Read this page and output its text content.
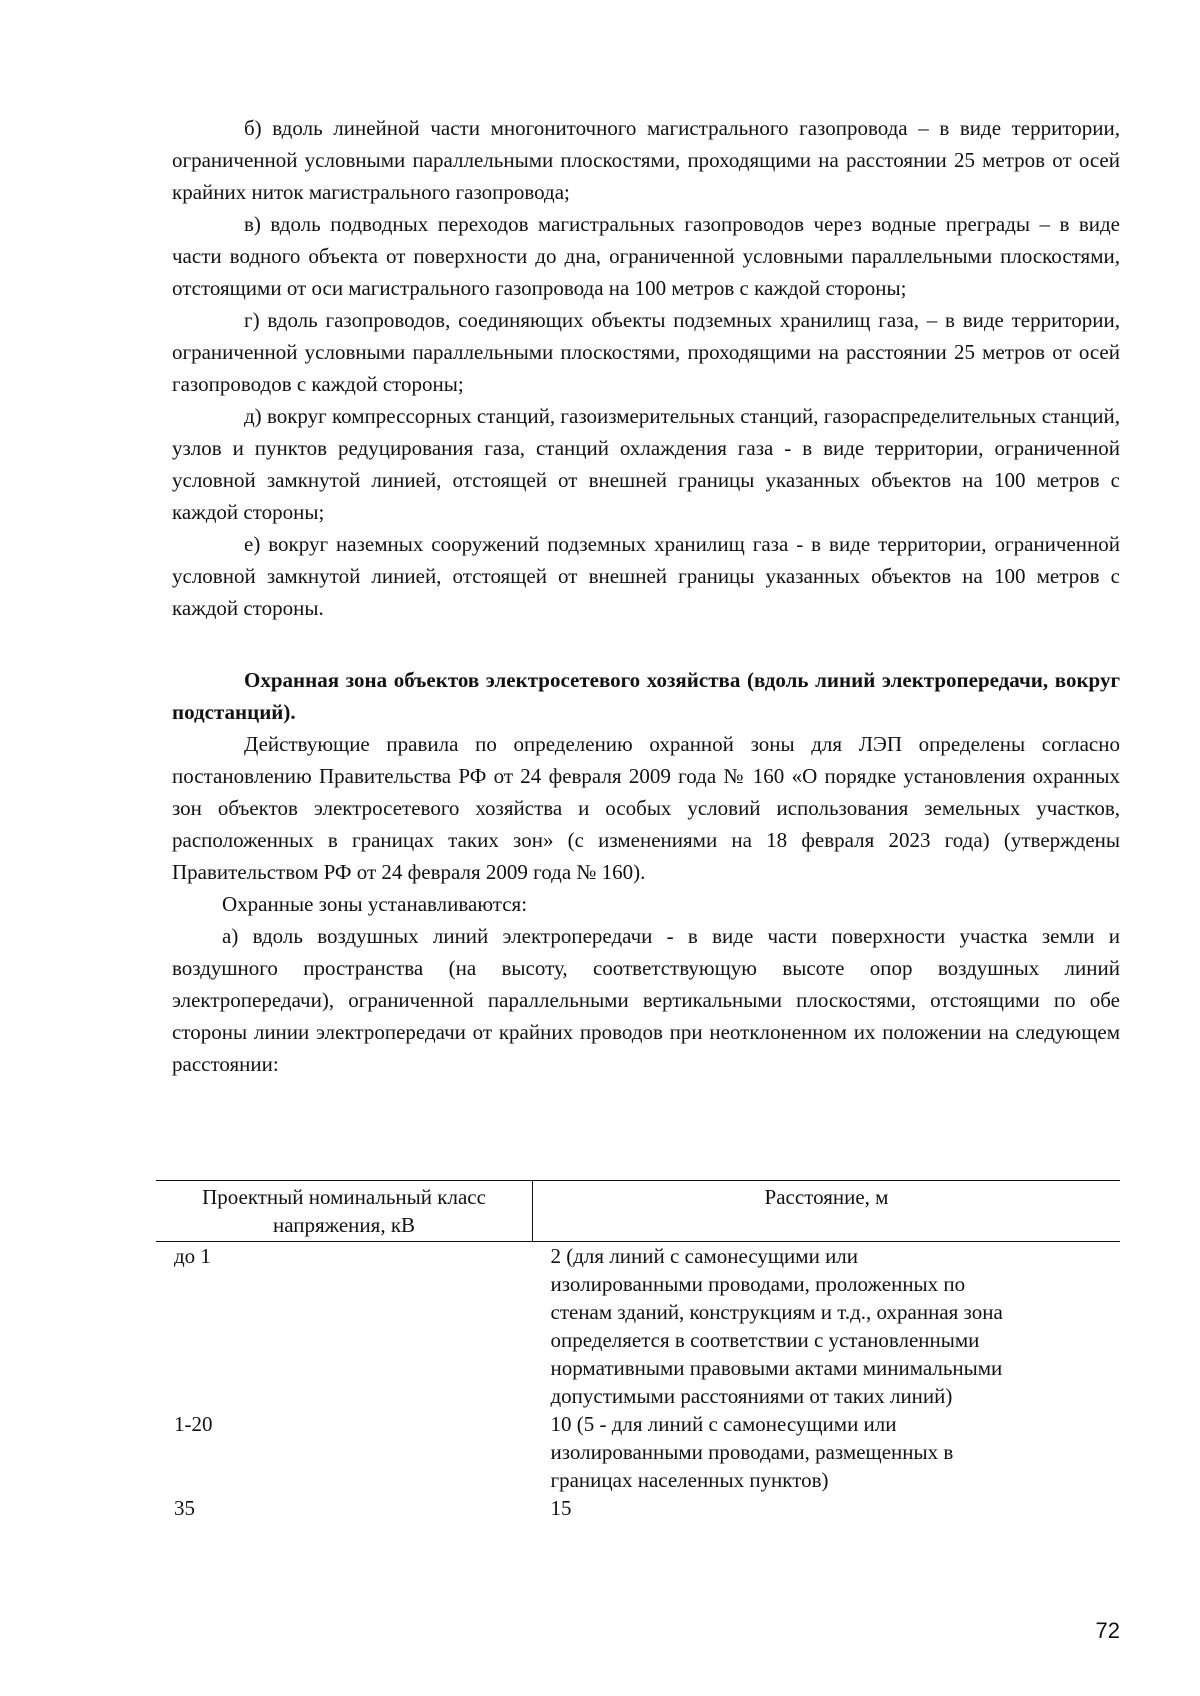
б) вдоль линейной части многониточного магистрального газопровода – в виде территории, ограниченной условными параллельными плоскостями, проходящими на расстоянии 25 метров от осей крайних ниток магистрального газопровода;

в) вдоль подводных переходов магистральных газопроводов через водные преграды – в виде части водного объекта от поверхности до дна, ограниченной условными параллельными плоскостями, отстоящими от оси магистрального газопровода на 100 метров с каждой стороны;

г) вдоль газопроводов, соединяющих объекты подземных хранилищ газа, – в виде территории, ограниченной условными параллельными плоскостями, проходящими на расстоянии 25 метров от осей газопроводов с каждой стороны;

д) вокруг компрессорных станций, газоизмерительных станций, газораспределительных станций, узлов и пунктов редуцирования газа, станций охлаждения газа - в виде территории, ограниченной условной замкнутой линией, отстоящей от внешней границы указанных объектов на 100 метров с каждой стороны;

е) вокруг наземных сооружений подземных хранилищ газа - в виде территории, ограниченной условной замкнутой линией, отстоящей от внешней границы указанных объектов на 100 метров с каждой стороны.

Охранная зона объектов электросетевого хозяйства (вдоль линий электропередачи, вокруг подстанций).

Действующие правила по определению охранной зоны для ЛЭП определены согласно постановлению Правительства РФ от 24 февраля 2009 года № 160 «О порядке установления охранных зон объектов электросетевого хозяйства и особых условий использования земельных участков, расположенных в границах таких зон» (с изменениями на 18 февраля 2023 года) (утверждены Правительством РФ от 24 февраля 2009 года № 160).

Охранные зоны устанавливаются:

а) вдоль воздушных линий электропередачи - в виде части поверхности участка земли и воздушного пространства (на высоту, соответствующую высоте опор воздушных линий электропередачи), ограниченной параллельными вертикальными плоскостями, отстоящими по обе стороны линии электропередачи от крайних проводов при неотклоненном их положении на следующем расстоянии:

Проектный номинальный класс напряжения, кВ	Расстояние, м
до 1	2 (для линий с самонесущими или изолированными проводами, проложенных по стенам зданий, конструкциям и т.д., охранная зона определяется в соответствии с установленными нормативными правовыми актами минимальными допустимыми расстояниями от таких линий)
1-20	10 (5 - для линий с самонесущими или изолированными проводами, размещенных в границах населенных пунктов)
35	15
72
